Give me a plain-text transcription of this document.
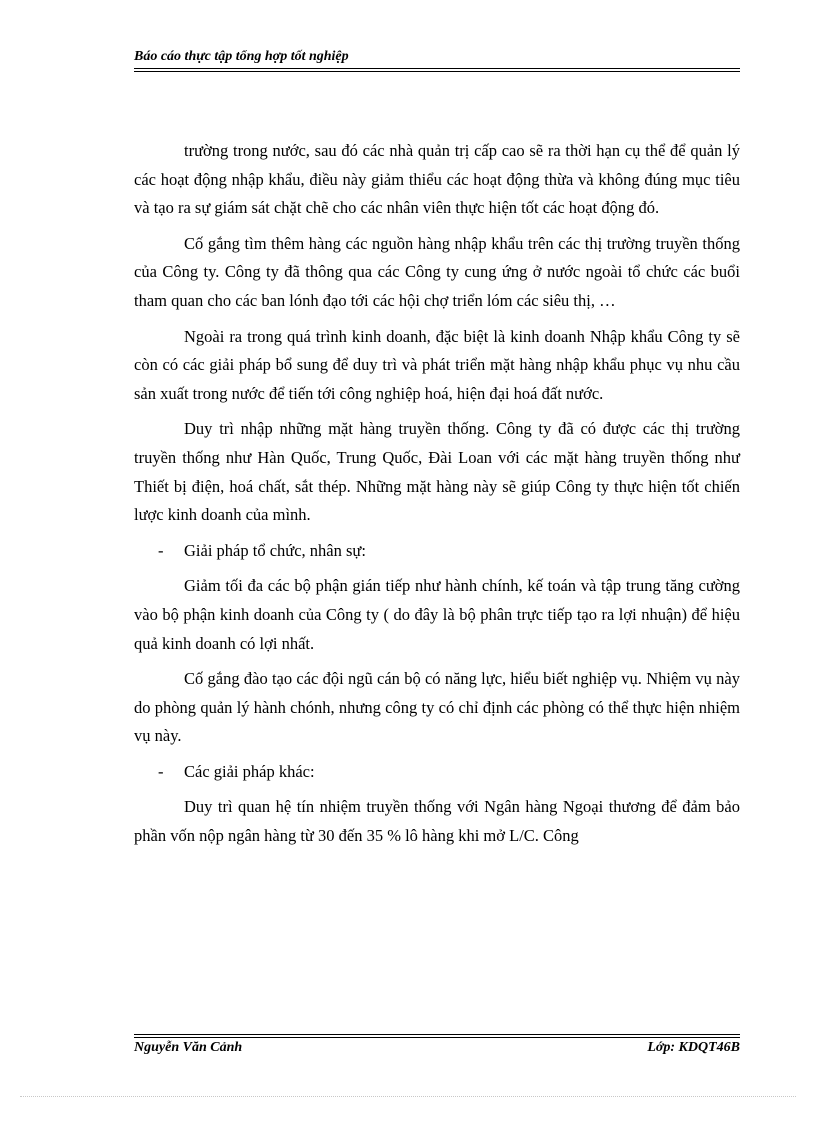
Báo cáo thực tập tổng hợp tốt nghiệp

trường trong nước, sau đó các nhà quản trị cấp cao sẽ ra thời hạn cụ thể để quản lý các hoạt động nhập khẩu, điều này giảm thiểu các hoạt động thừa và không đúng mục tiêu và tạo ra sự giám sát chặt chẽ cho các nhân viên thực hiện tốt các hoạt động đó.

Cố gắng tìm thêm hàng các nguồn hàng nhập khẩu trên các thị trường truyền thống của Công ty. Công ty đã thông qua các Công ty cung ứng ở nước ngoài tổ chức các buổi tham quan cho các ban lónh đạo tới các hội chợ triển lóm các siêu thị, …

Ngoài ra trong quá trình kinh doanh, đặc biệt là kinh doanh Nhập khẩu Công ty sẽ còn có các giải pháp bổ sung để duy trì và phát triển mặt hàng nhập khẩu phục vụ nhu cầu sản xuất trong nước để tiến tới công nghiệp hoá, hiện đại hoá đất nước.

Duy trì nhập những mặt hàng truyền thống. Công ty đã có được các thị trường truyền thống như Hàn Quốc, Trung Quốc, Đài Loan với các mặt hàng truyền thống như Thiết bị điện, hoá chất, sắt thép. Những mặt hàng này sẽ giúp Công ty thực hiện tốt chiến lược kinh doanh của mình.

- Giải pháp tổ chức, nhân sự:

Giảm tối đa các bộ phận gián tiếp như hành chính, kế toán và tập trung tăng cường vào bộ phận kinh doanh của Công ty ( do đây là bộ phân trực tiếp tạo ra lợi nhuận) để hiệu quả kinh doanh có lợi nhất.

Cố gắng đào tạo các đội ngũ cán bộ có năng lực, hiểu biết nghiệp vụ. Nhiệm vụ này do phòng quản lý hành chónh, nhưng công ty có chỉ định các phòng có thể thực hiện nhiệm vụ này.

- Các giải pháp khác:

Duy trì quan hệ tín nhiệm truyền thống với Ngân hàng Ngoại thương để đảm bảo phần vốn nộp ngân hàng từ 30 đến 35 % lô hàng khi mở L/C. Công

Nguyễn Văn Cảnh	Lớp: KDQT46B
